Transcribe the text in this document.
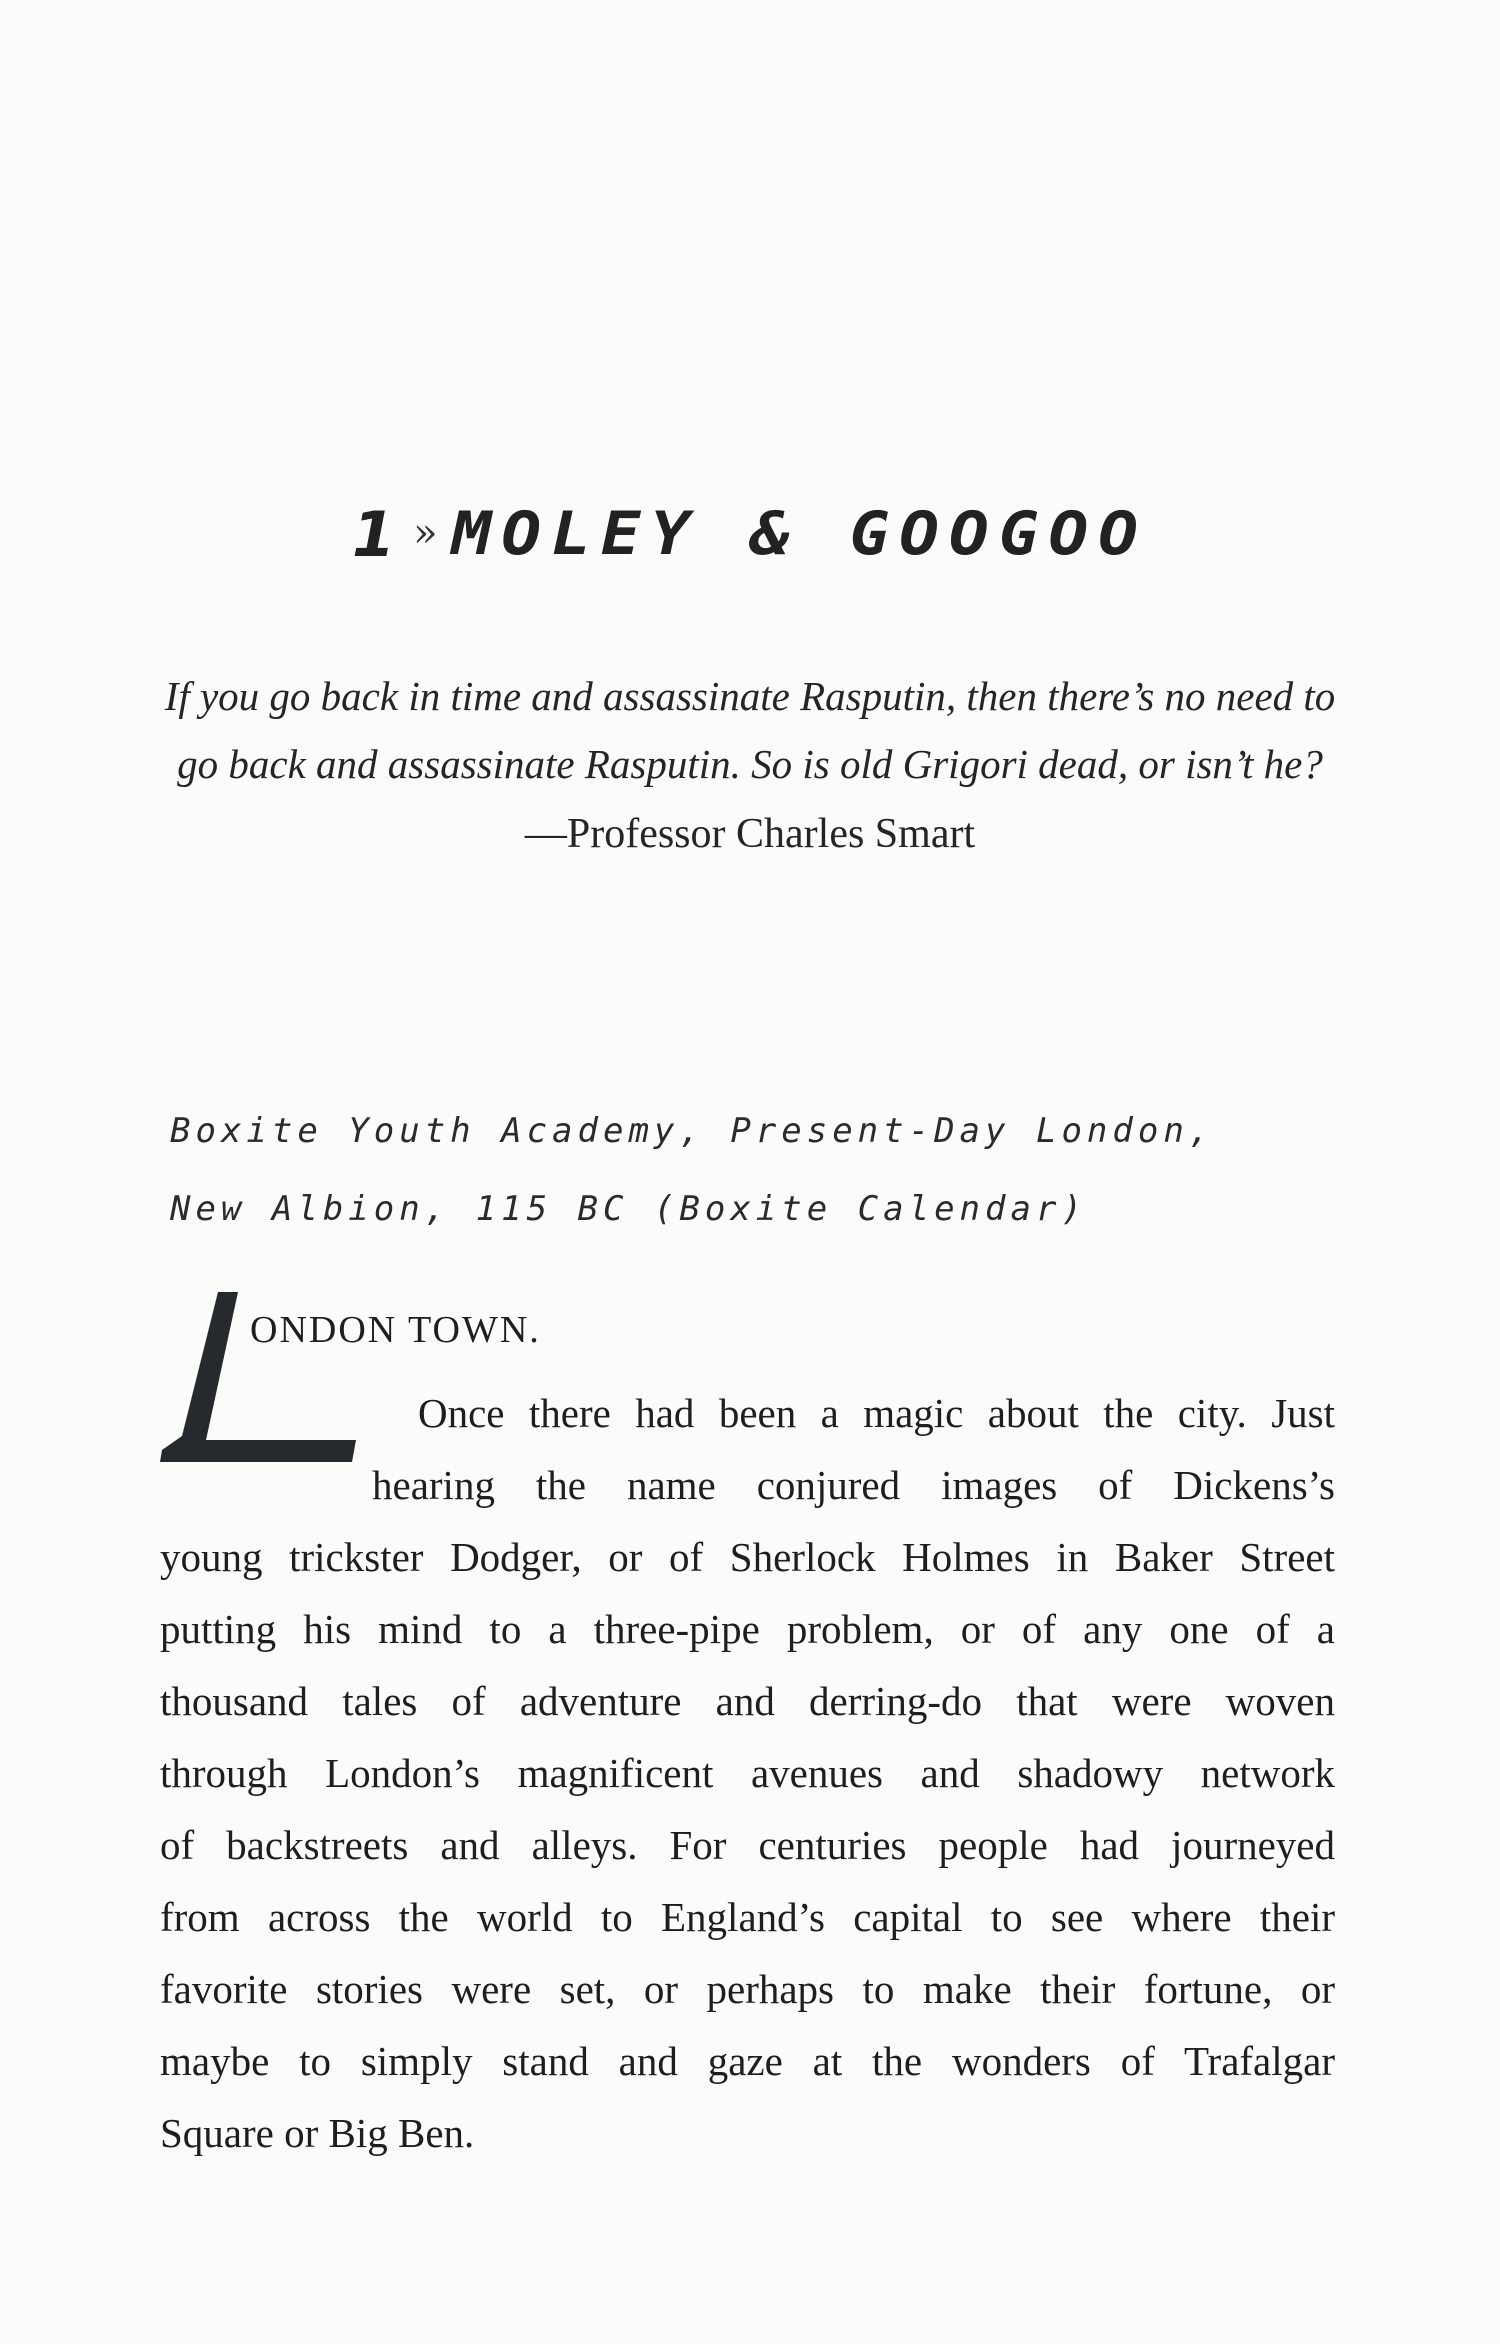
1 » MOLEY & GOOGOO
If you go back in time and assassinate Rasputin, then there’s no need to
go back and assassinate Rasputin. So is old Grigori dead, or isn’t he?
—Professor Charles Smart
Boxite Youth Academy, Present-Day London,
New Albion, 115 BC (Boxite Calendar)
L
ONDON TOWN.
Once there had been a magic about the city. Just
hearing the name conjured images of Dickens’s
young trickster Dodger, or of Sherlock Holmes in Baker Street
putting his mind to a three-pipe problem, or of any one of a
thousand tales of adventure and derring-do that were woven
through London’s magnificent avenues and shadowy network
of backstreets and alleys. For centuries people had journeyed
from across the world to England’s capital to see where their
favorite stories were set, or perhaps to make their fortune, or
maybe to simply stand and gaze at the wonders of Trafalgar
Square or Big Ben.
